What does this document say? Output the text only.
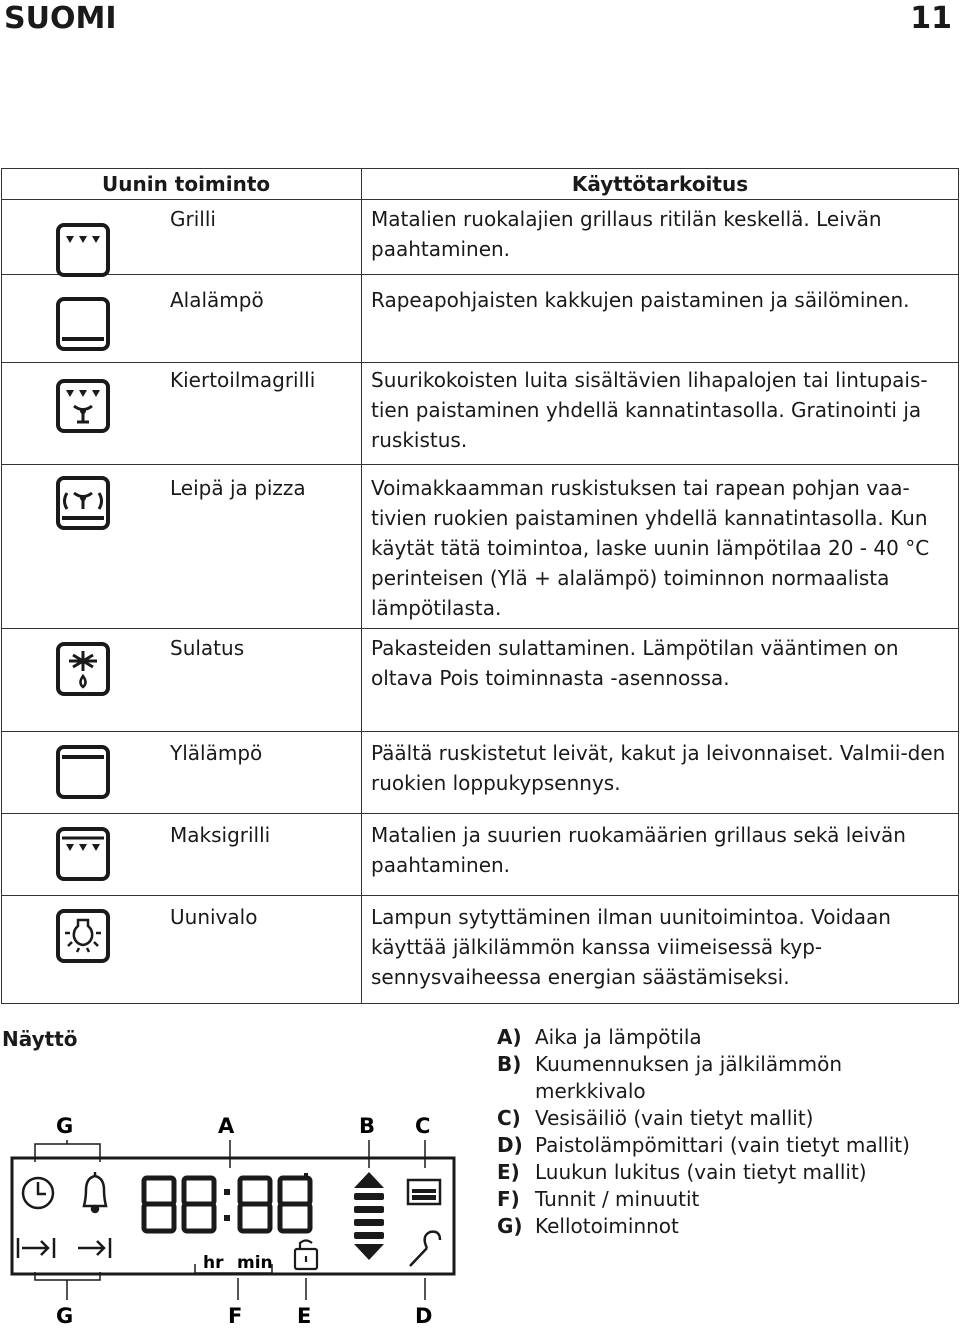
SUOMI	11
Uunin toiminto	Käyttötarkoitus

Grilli	Matalien ruokalajien grillaus ritilän keskellä. Leivän paahtaminen.

Alalämpö	Rapeapohjaisten kakkujen paistaminen ja säilöminen.

Kiertoilmagrilli	Suurikokoisten luita sisältävien lihapalojen tai lintupais-tien paistaminen yhdellä kannatintasolla. Gratinointi ja ruskistus.

Leipä ja pizza	Voimakkaamman ruskistuksen tai rapean pohjan vaa-tivien ruokien paistaminen yhdellä kannatintasolla. Kun käytät tätä toimintoa, laske uunin lämpötilaa 20 - 40 °C perinteisen (Ylä + alalämpö) toiminnon normaalista lämpötilasta.

Sulatus	Pakasteiden sulattaminen. Lämpötilan vääntimen on oltava Pois toiminnasta -asennossa.

Ylälämpö	Päältä ruskistetut leivät, kakut ja leivonnaiset. Valmii-den ruokien loppukypsennys.

Maksigrilli	Matalien ja suurien ruokamäärien grillaus sekä leivän paahtaminen.

Uunivalo	Lampun sytyttäminen ilman uunitoimintoa. Voidaan käyttää jälkilämmön kanssa viimeisessä kyp-sennysvaiheessa energian säästämiseksi.
Näyttö
G	A	B C
G	F	E	D
hr min
A) Aika ja lämpötila
B) Kuumennuksen ja jälkilämmön merkkivalo
C) Vesisäiliö (vain tietyt mallit)
D) Paistolämpömittari (vain tietyt mallit)
E) Luukun lukitus (vain tietyt mallit)
F) Tunnit / minuutit
G) Kellotoiminnot
